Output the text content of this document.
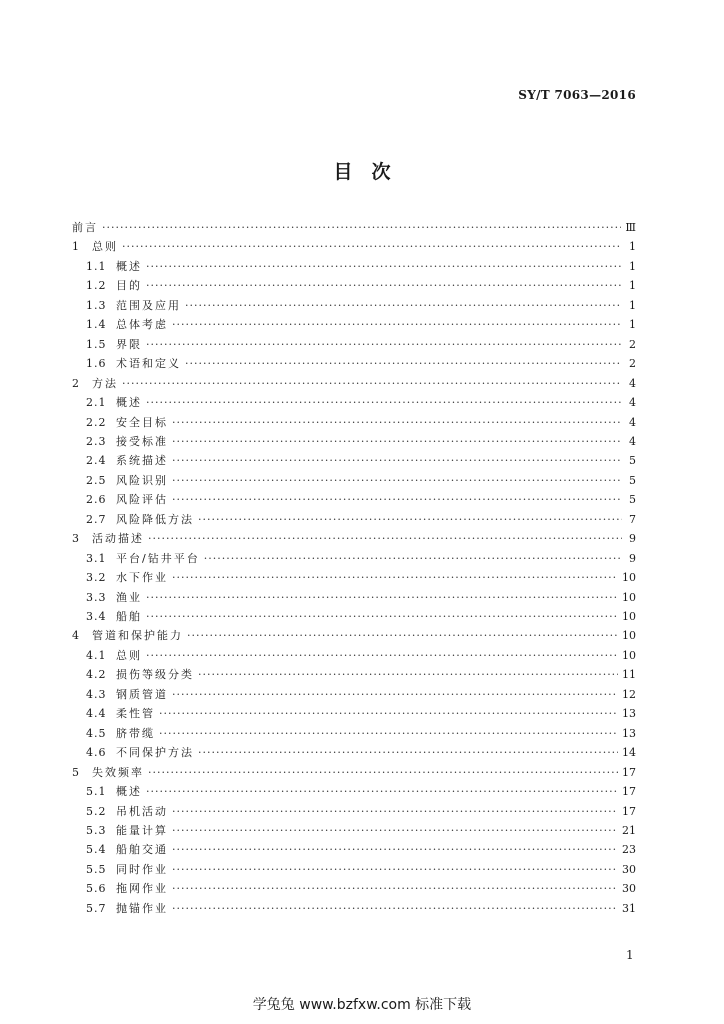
SY/T 7063—2016
目　次
前言 ·····	Ⅲ
1	总则 ·····	1
1.1 概述 ·····	1
1.2 目的 ·····	1
1.3 范围及应用 ·····	1
1.4 总体考虑 ·····	1
1.5 界限 ·····	2
1.6 术语和定义 ·····	2
2	方法 ·····	4
2.1 概述 ·····	4
2.2 安全目标 ·····	4
2.3 接受标准 ·····	4
2.4 系统描述 ·····	5
2.5 风险识别 ·····	5
2.6 风险评估 ·····	5
2.7 风险降低方法 ·····	7
3	活动描述 ·····	9
3.1 平台/钻井平台 ·····	9
3.2 水下作业 ·····	10
3.3 渔业 ·····	10
3.4 船舶 ·····	10
4	管道和保护能力 ·····	10
4.1 总则 ·····	10
4.2 损伤等级分类 ·····	11
4.3 钢质管道 ·····	12
4.4 柔性管 ·····	13
4.5 脐带缆 ·····	13
4.6 不同保护方法 ·····	14
5	失效频率 ·····	17
5.1 概述 ·····	17
5.2 吊机活动 ·····	17
5.3 能量计算 ·····	21
5.4 船舶交通 ·····	23
5.5 同时作业 ·····	30
5.6 拖网作业 ·····	30
5.7 抛锚作业 ·····	31
1
学兔兔 www.bzfxw.com 标准下载
